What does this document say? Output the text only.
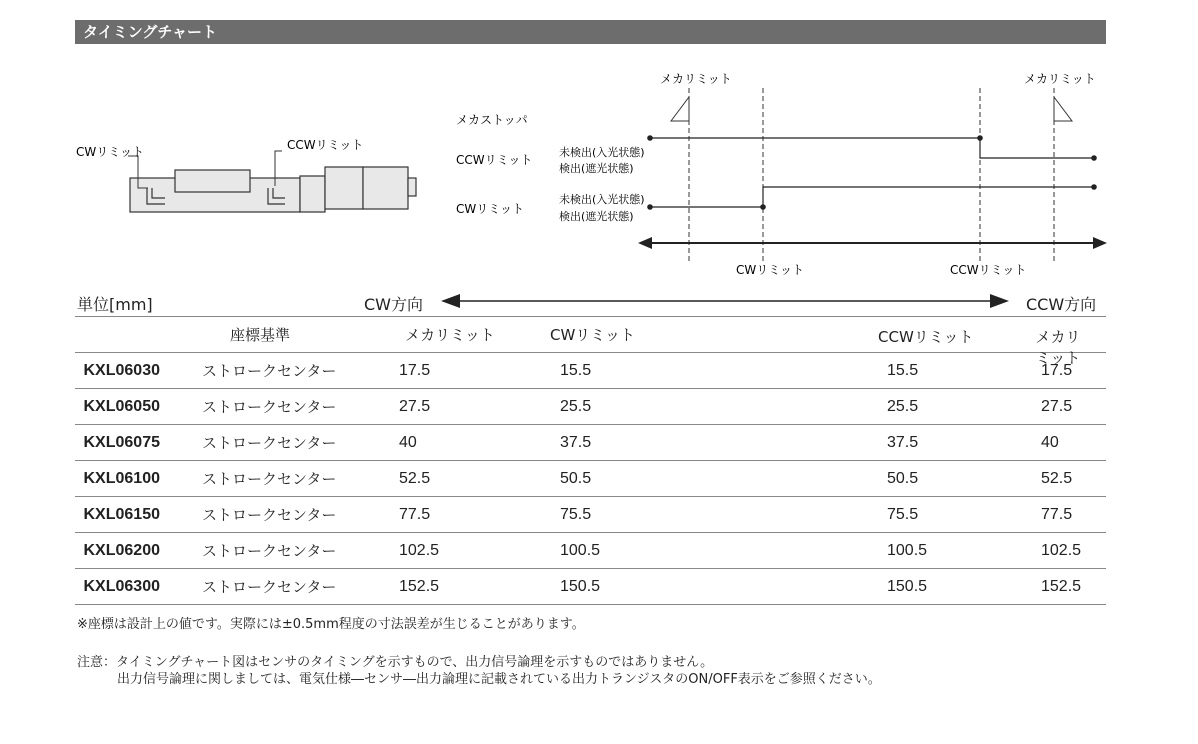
タイミングチャート
CWリミット	CCWリミット
メカリミット	メカリミット
メカストッパ
CCWリミット
CWリミット
未検出(入光状態)
検出(遮光状態)
未検出(入光状態)
検出(遮光状態)
CWリミット	CCWリミット
単位[mm]	CW方向	CCW方向
	座標基準	メカリミット	CWリミット	CCWリミット メカリミット	

KXL06030	ストロークセンター	17.5	15.5	15.5 17.5	

KXL06050	ストロークセンター	27.5	25.5	25.5 27.5	

KXL06075	ストロークセンター	40	37.5	37.5 40	

KXL06100	ストロークセンター	52.5	50.5	50.5 52.5	

KXL06150	ストロークセンター	77.5	75.5	75.5 77.5	

KXL06200	ストロークセンター	102.5	100.5	100.5 102.5	

KXL06300	ストロークセンター	152.5	150.5	150.5 152.5	

※座標は設計上の値です。実際には±0.5mm程度の寸法誤差が生じることがあります。
注意：タイミングチャート図はセンサのタイミングを示すもので、出力信号論理を示すものではありません。
出力信号論理に関しましては、電気仕様―センサ―出力論理に記載されている出力トランジスタのON/OFF表示をご参照ください。
